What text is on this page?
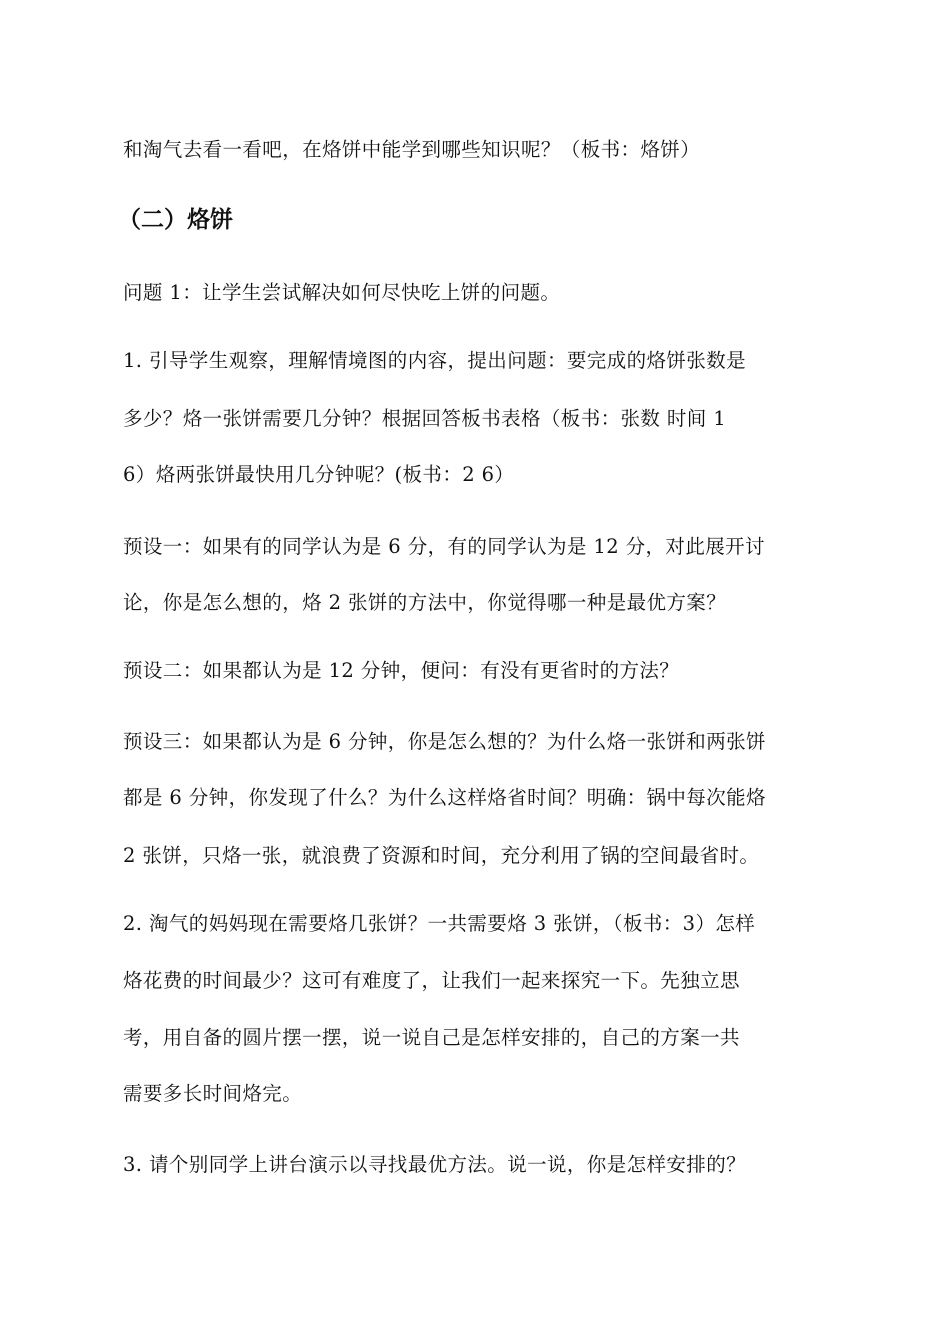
和淘气去看一看吧，在烙饼中能学到哪些知识呢？（板书：烙饼）
（二）烙饼
问题 1：让学生尝试解决如何尽快吃上饼的问题。
1. 引导学生观察，理解情境图的内容，提出问题：要完成的烙饼张数是
多少？烙一张饼需要几分钟？根据回答板书表格（板书：张数 时间 1
6）烙两张饼最快用几分钟呢？(板书：2 6）
预设一：如果有的同学认为是 6 分，有的同学认为是 12 分，对此展开讨
论，你是怎么想的，烙 2 张饼的方法中，你觉得哪一种是最优方案？
预设二：如果都认为是 12 分钟，便问：有没有更省时的方法？
预设三：如果都认为是 6 分钟，你是怎么想的？为什么烙一张饼和两张饼
都是 6 分钟，你发现了什么？为什么这样烙省时间？明确：锅中每次能烙
2 张饼，只烙一张，就浪费了资源和时间，充分利用了锅的空间最省时。
2. 淘气的妈妈现在需要烙几张饼？一共需要烙 3 张饼，（板书：3）怎样
烙花费的时间最少？这可有难度了，让我们一起来探究一下。先独立思
考，用自备的圆片摆一摆，说一说自己是怎样安排的，自己的方案一共
需要多长时间烙完。
3. 请个别同学上讲台演示以寻找最优方法。说一说，你是怎样安排的？
